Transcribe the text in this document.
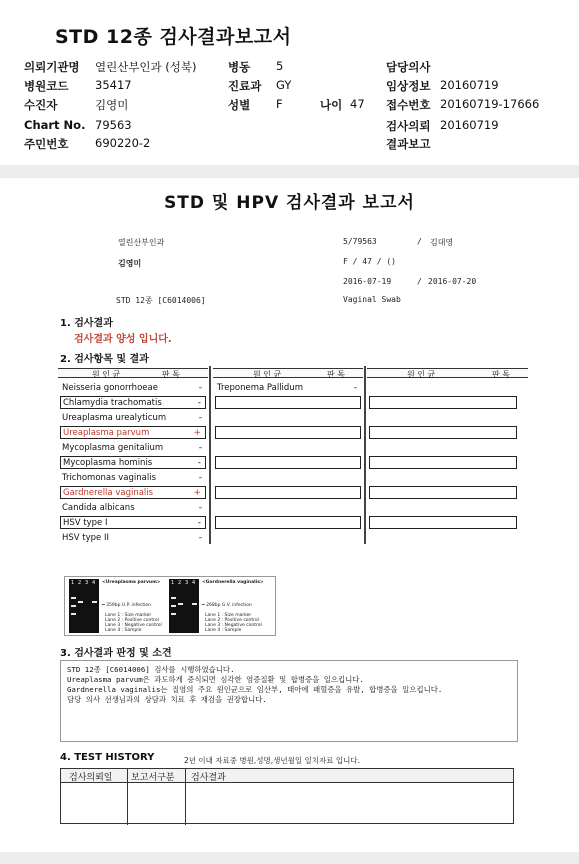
STD 12종 검사결과보고서
의뢰기관명 열린산부인과 (성북)	병동 5	담당의사
병원코드 35417	진료과 GY	임상정보 20160719
수진자	김영미	성별 F	나이 47 접수번호 20160719-17666
Chart No. 79563	검사의뢰 20160719
주민번호 690220-2	결과보고
STD 및 HPV 검사결과 보고서
열린산부인과
김영미
STD 12종 [C6014006]
5/79563	/ 김대영
F / 47 / ()
2016-07-19	/ 2016-07-20
Vaginal Swab
1. 검사결과
검사결과 양성 입니다.
2. 검사항목 및 결과
원 인 균	판 독
Neisseria gonorrhoeae	-
Chlamydia trachomatis	-
Ureaplasma urealyticum	-
Ureaplasma parvum	+
Mycoplasma genitalium	-
Mycoplasma hominis	-
Trichomonas vaginalis	-
Gardnerella vaginalis	+
Candida albicans	-
HSV type I	-
HSV type II	-
원 인 균	판 독
Treponema Pallidum	-
원 인 균	판 독
1 2 3 4 <Ureaplasma parvum>
━ 359bp U.P. infection
Lane 1 : Size marker
Lane 2 : Positive control
Lane 3 : Negative control
Lane 4 : Sample
1 2 3 4 <Gardnerella vaginalis>
━ 268bp G.V. infection
Lane 1 : Size marker
Lane 2 : Positive control
Lane 3 : Negative control
Lane 4 : Sample
3. 검사결과 판정 및 소견

STD 12종 [C6014006] 검사를 시행하였습니다.

Ureaplasma parvum은 과도하게 증식되면 심각한 염증질환 및 합병증을 일으킵니다.

Gardnerella vaginalis는 질염의 주요 원인균으로 임산부, 태아에 패혈증을 유발, 합병증을 일으킵니다.

담당 의사 선생님과의 상담과 치료 후 재검을 권장합니다.

4. TEST HISTORY	2년 이내 자료중 병원,성명,생년월일 일치자료 입니다.
검사의뢰일 보고서구분 검사결과
